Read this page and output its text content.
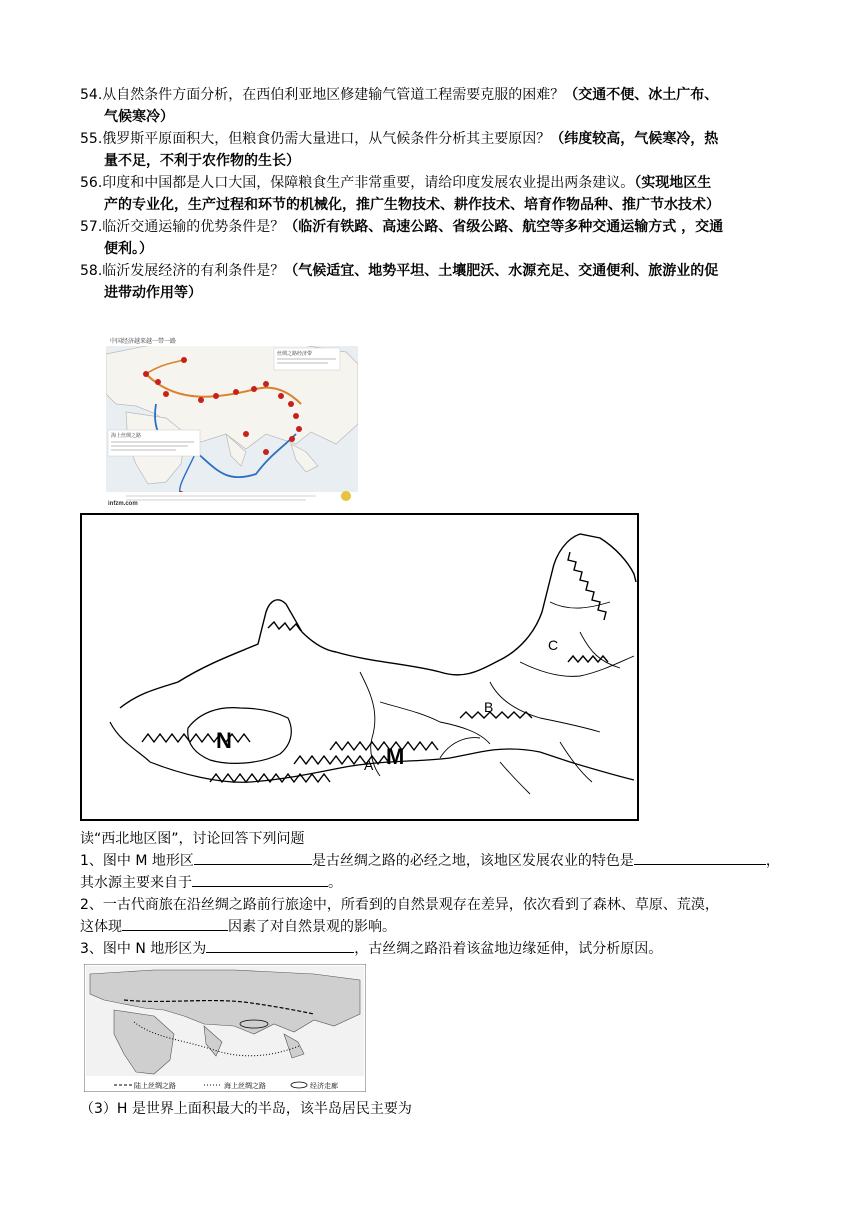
54.从自然条件方面分析，在西伯利亚地区修建输气管道工程需要克服的困难？（交通不便、冰土广布、

气候寒冷）

55.俄罗斯平原面积大，但粮食仍需大量进口，从气候条件分析其主要原因？（纬度较高，气候寒冷，热

量不足，不利于农作物的生长）

56.印度和中国都是人口大国，保障粮食生产非常重要，请给印度发展农业提出两条建议。（实现地区生

产的专业化，生产过程和环节的机械化，推广生物技术、耕作技术、培育作物品种、推广节水技术）

57.临沂交通运输的优势条件是？（临沂有铁路、高速公路、省级公路、航空等多种交通运输方式 ，交通

便利。）

58.临沂发展经济的有利条件是？（气候适宜、地势平坦、土壤肥沃、水源充足、交通便利、旅游业的促

进带动作用等）

中国经济越来越一带一路
丝绸之路经济带
海上丝绸之路
infzm.com
N
M
A
B
C

读“西北地区图”，讨论回答下列问题

1、图中 M 地形区	是古丝绸之路的必经之地，该地区发展农业的特色是	，

其水源主要来自于	。

2、一古代商旅在沿丝绸之路前行旅途中，所看到的自然景观存在差异，依次看到了森林、草原、荒漠，

这体现	因素了对自然景观的影响。

3、图中 N 地形区为	，古丝绸之路沿着该盆地边缘延伸，试分析原因。

陆上丝绸之路	海上丝绸之路	经济走廊

（3）H 是世界上面积最大的半岛，该半岛居民主要为
